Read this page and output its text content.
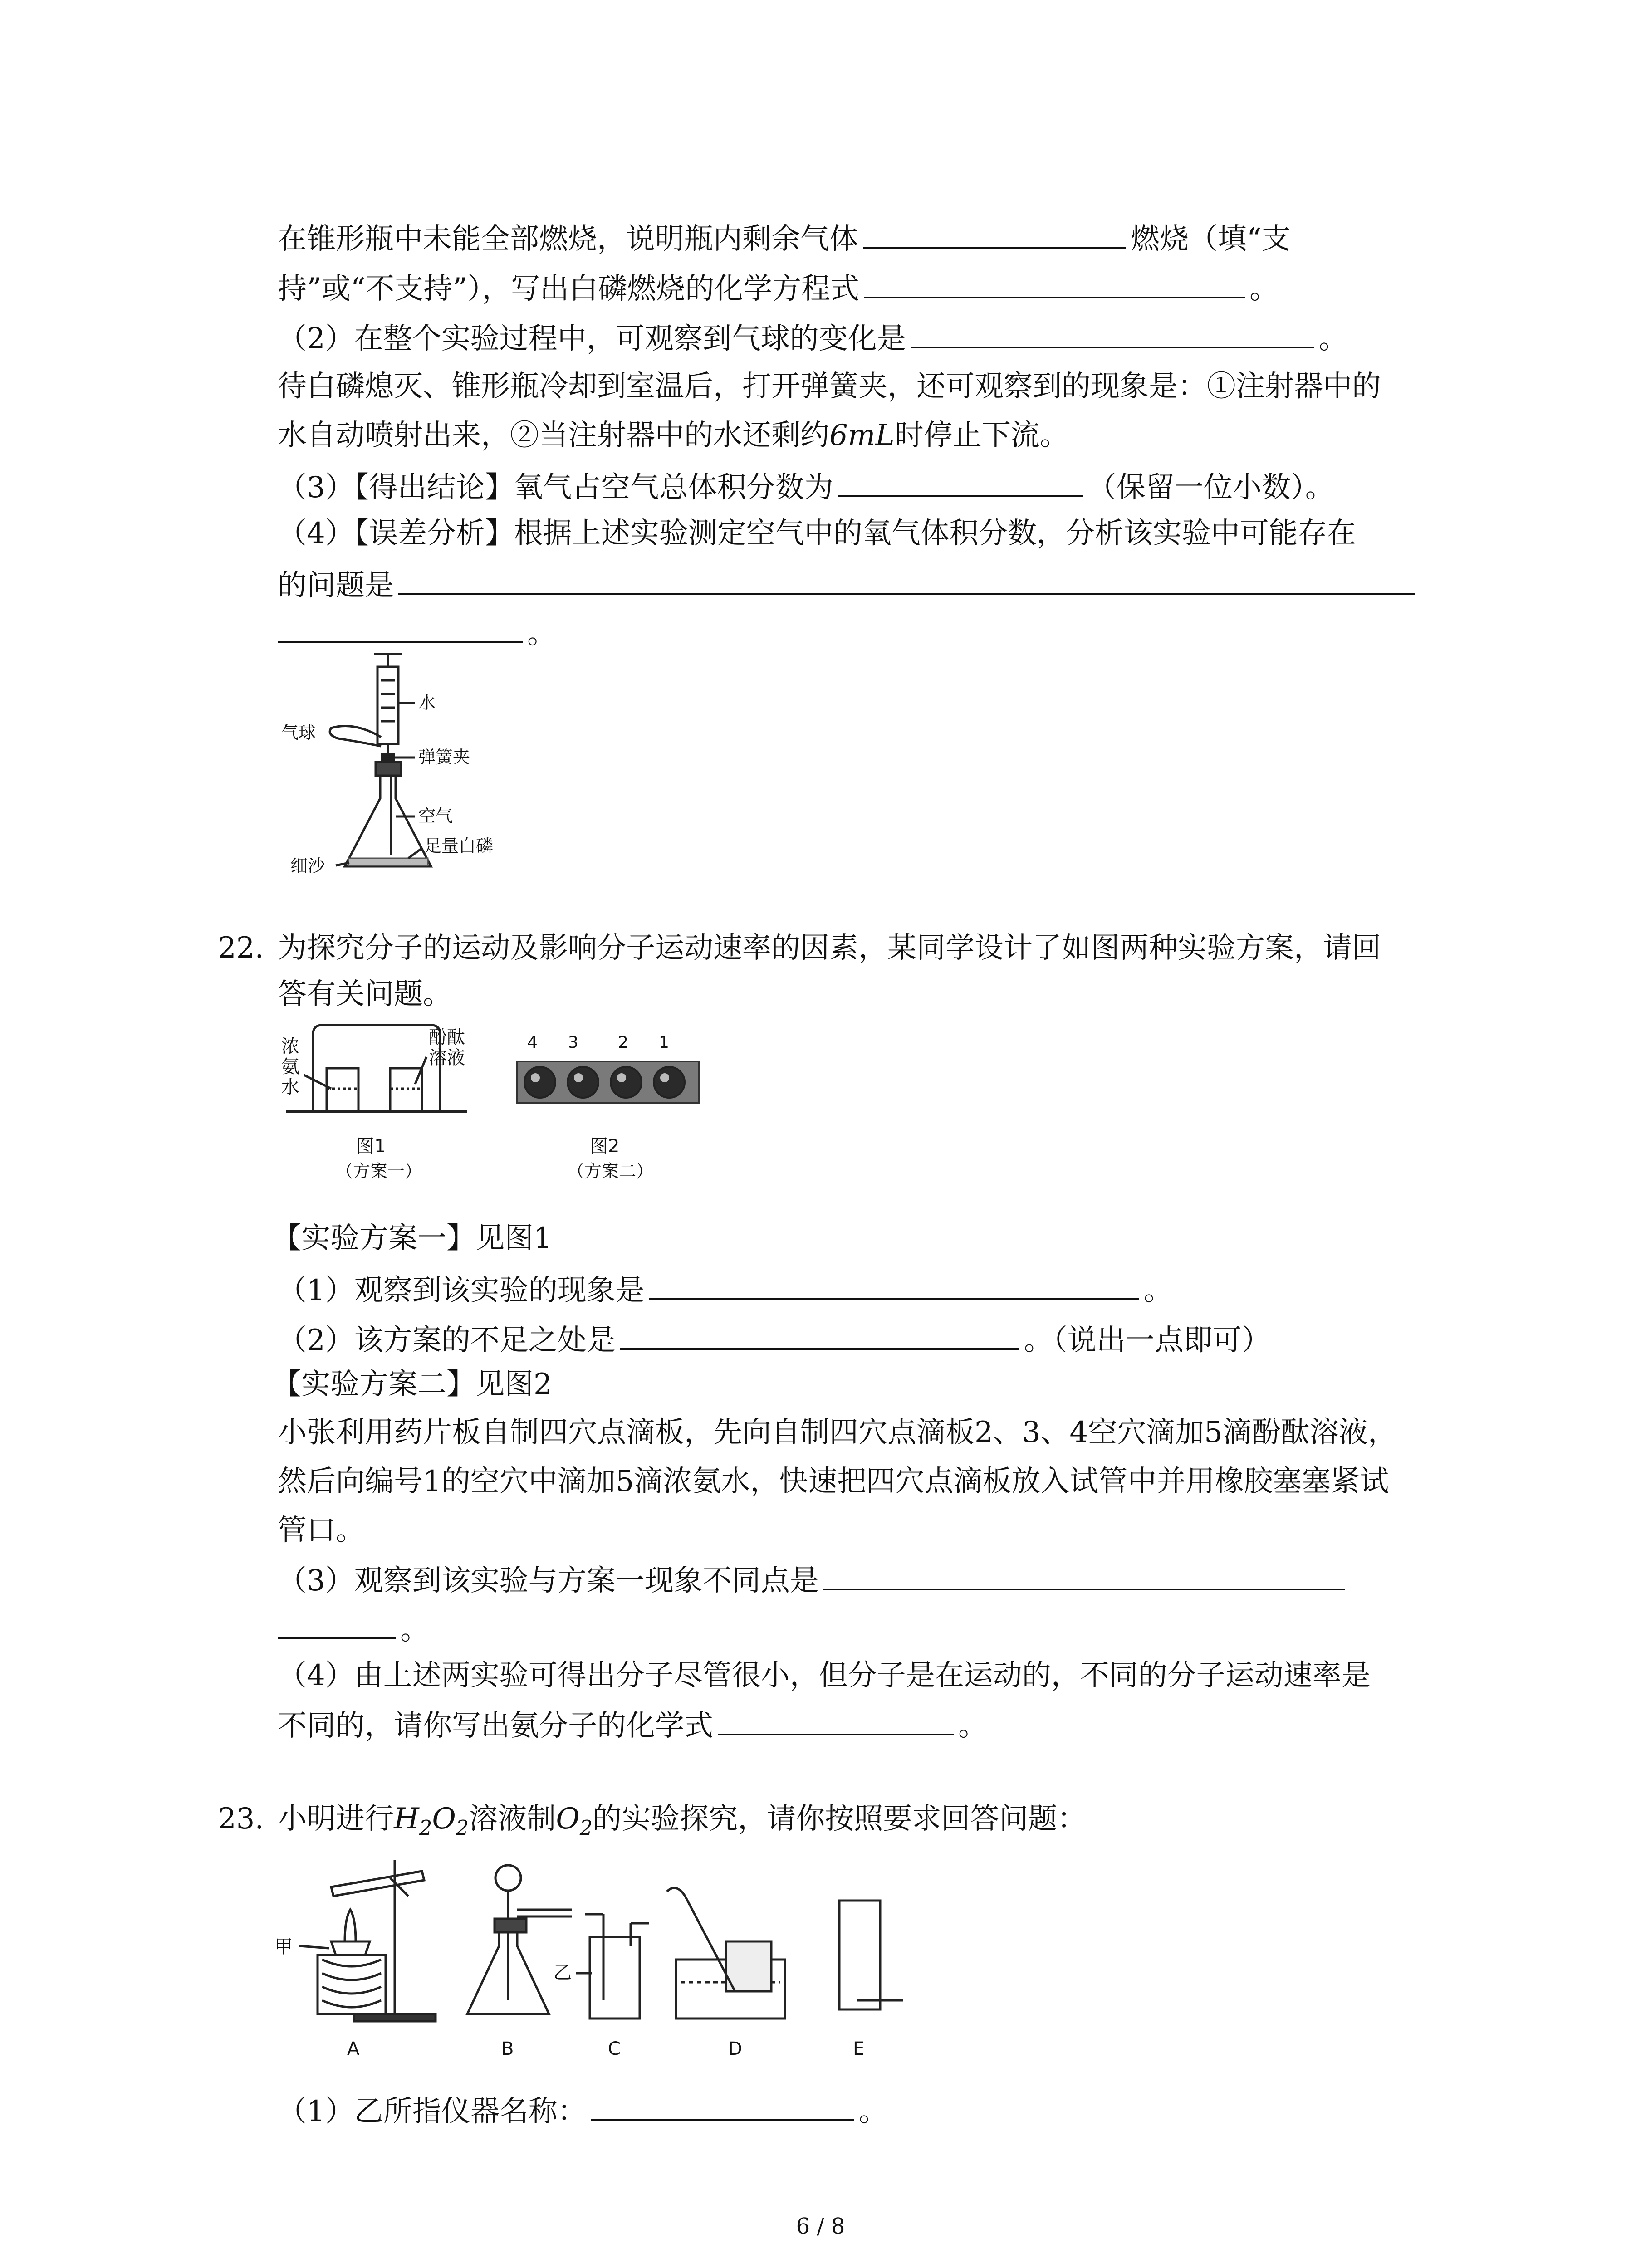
在锥形瓶中未能全部燃烧，说明瓶内剩余气体	燃烧（填“支
持”或“不支持”），写出白磷燃烧的化学方程式	。
（2）在整个实验过程中，可观察到气球的变化是	。
待白磷熄灭、锥形瓶冷却到室温后，打开弹簧夹，还可观察到的现象是：①注射器中的
水自动喷射出来，②当注射器中的水还剩约6mL时停止下流。
（3）【得出结论】氧气占空气总体积分数为	（保留一位小数）。
（4）【误差分析】根据上述实验测定空气中的氧气体积分数，分析该实验中可能存在
的问题是
。
水
气球
弹簧夹
空气
足量白磷
细沙
22. 为探究分子的运动及影响分子运动速率的因素，某同学设计了如图两种实验方案，请回
答有关问题。
浓
氨
水
酚酞
溶液
图1
（方案一）
4 3 2 1
图2
（方案二）
【实验方案一】见图1
（1）观察到该实验的现象是	。
（2）该方案的不足之处是	。（说出一点即可）
【实验方案二】见图2
小张利用药片板自制四穴点滴板，先向自制四穴点滴板2、3、4空穴滴加5滴酚酞溶液，
然后向编号1的空穴中滴加5滴浓氨水，快速把四穴点滴板放入试管中并用橡胶塞塞紧试
管口。
（3）观察到该实验与方案一现象不同点是
。
（4）由上述两实验可得出分子尽管很小，但分子是在运动的，不同的分子运动速率是
不同的，请你写出氨分子的化学式	。
23. 小明进行$H_2O_2$溶液制$O_2$的实验探究，请你按照要求回答问题：
甲
乙
A	B	C	D	E
（1）乙所指仪器名称：	。
6 / 8
